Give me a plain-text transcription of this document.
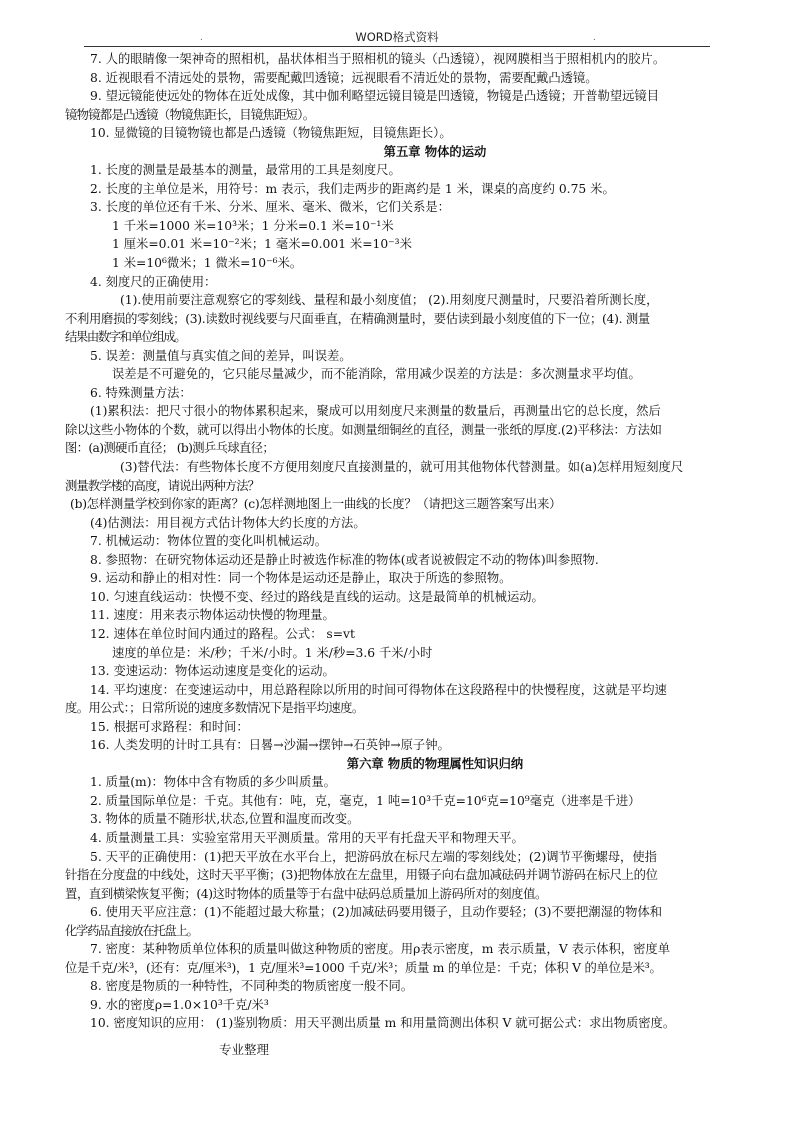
WORD格式资料
.	.

7. 人的眼睛像一架神奇的照相机，晶状体相当于照相机的镜头（凸透镜），视网膜相当于照相机内的胶片。

8. 近视眼看不清远处的景物，需要配戴凹透镜；远视眼看不清近处的景物，需要配戴凸透镜。

9. 望远镜能使远处的物体在近处成像，其中伽利略望远镜目镜是凹透镜，物镜是凸透镜；开普勒望远镜目

镜物镜都是凸透镜（物镜焦距长，目镜焦距短）。

10. 显微镜的目镜物镜也都是凸透镜（物镜焦距短，目镜焦距长）。

第五章 物体的运动

1. 长度的测量是最基本的测量，最常用的工具是刻度尺。

2. 长度的主单位是米，用符号：m 表示，我们走两步的距离约是 1 米，课桌的高度约 0.75 米。

3. 长度的单位还有千米、分米、厘米、毫米、微米，它们关系是：

1 千米=1000 米=10³米；1 分米=0.1 米=10⁻¹米

1 厘米=0.01 米=10⁻²米；1 毫米=0.001 米=10⁻³米

1 米=10⁶微米；1 微米=10⁻⁶米。

4. 刻度尺的正确使用：

(1).使用前要注意观察它的零刻线、量程和最小刻度值； (2).用刻度尺测量时，尺要沿着所测长度，

不利用磨损的零刻线；(3).读数时视线要与尺面垂直，在精确测量时，要估读到最小刻度值的下一位；(4). 测量

结果由数字和单位组成。

5. 误差：测量值与真实值之间的差异，叫误差。

误差是不可避免的，它只能尽量减少，而不能消除，常用减少误差的方法是：多次测量求平均值。

6. 特殊测量方法：

(1)累积法：把尺寸很小的物体累积起来，聚成可以用刻度尺来测量的数量后，再测量出它的总长度，然后

除以这些小物体的个数，就可以得出小物体的长度。如测量细铜丝的直径，测量一张纸的厚度.(2)平移法：方法如

图：(a)测硬币直径； (b)测乒乓球直径；

(3)替代法：有些物体长度不方便用刻度尺直接测量的，就可用其他物体代替测量。如(a)怎样用短刻度尺

测量教学楼的高度，请说出两种方法？

(b)怎样测量学校到你家的距离？(c)怎样测地图上一曲线的长度？（请把这三题答案写出来）

(4)估测法：用目视方式估计物体大约长度的方法。

7. 机械运动：物体位置的变化叫机械运动。

8. 参照物：在研究物体运动还是静止时被选作标准的物体(或者说被假定不动的物体)叫参照物.

9. 运动和静止的相对性：同一个物体是运动还是静止，取决于所选的参照物。

10. 匀速直线运动：快慢不变、经过的路线是直线的运动。这是最简单的机械运动。

11. 速度：用来表示物体运动快慢的物理量。

12. 速体在单位时间内通过的路程。公式： s=vt

速度的单位是：米/秒；千米/小时。1 米/秒=3.6 千米/小时

13. 变速运动：物体运动速度是变化的运动。

14. 平均速度：在变速运动中，用总路程除以所用的时间可得物体在这段路程中的快慢程度，这就是平均速

度。用公式：；日常所说的速度多数情况下是指平均速度。

15. 根据可求路程：和时间：

16. 人类发明的计时工具有：日晷→沙漏→摆钟→石英钟→原子钟。

第六章 物质的物理属性知识归纳

1. 质量(m)：物体中含有物质的多少叫质量。

2. 质量国际单位是：千克。其他有：吨，克，毫克，1 吨=10³千克=10⁶克=10⁹毫克（进率是千进）

3. 物体的质量不随形状,状态,位置和温度而改变。

4. 质量测量工具：实验室常用天平测质量。常用的天平有托盘天平和物理天平。

5. 天平的正确使用：(1)把天平放在水平台上，把游码放在标尺左端的零刻线处；(2)调节平衡螺母，使指

针指在分度盘的中线处，这时天平平衡；(3)把物体放在左盘里，用镊子向右盘加减砝码并调节游码在标尺上的位

置，直到横梁恢复平衡；(4)这时物体的质量等于右盘中砝码总质量加上游码所对的刻度值。

6. 使用天平应注意：(1)不能超过最大称量；(2)加减砝码要用镊子，且动作要轻；(3)不要把潮湿的物体和

化学药品直接放在托盘上。

7. 密度：某种物质单位体积的质量叫做这种物质的密度。用ρ表示密度，m 表示质量，V 表示体积，密度单

位是千克/米³，(还有：克/厘米³)，1 克/厘米³=1000 千克/米³；质量 m 的单位是：千克；体积 V 的单位是米³。

8. 密度是物质的一种特性，不同种类的物质密度一般不同。

9. 水的密度ρ=1.0×10³千克/米³

10. 密度知识的应用： (1)鉴别物质：用天平测出质量 m 和用量筒测出体积 V 就可据公式：求出物质密度。

专业整理
